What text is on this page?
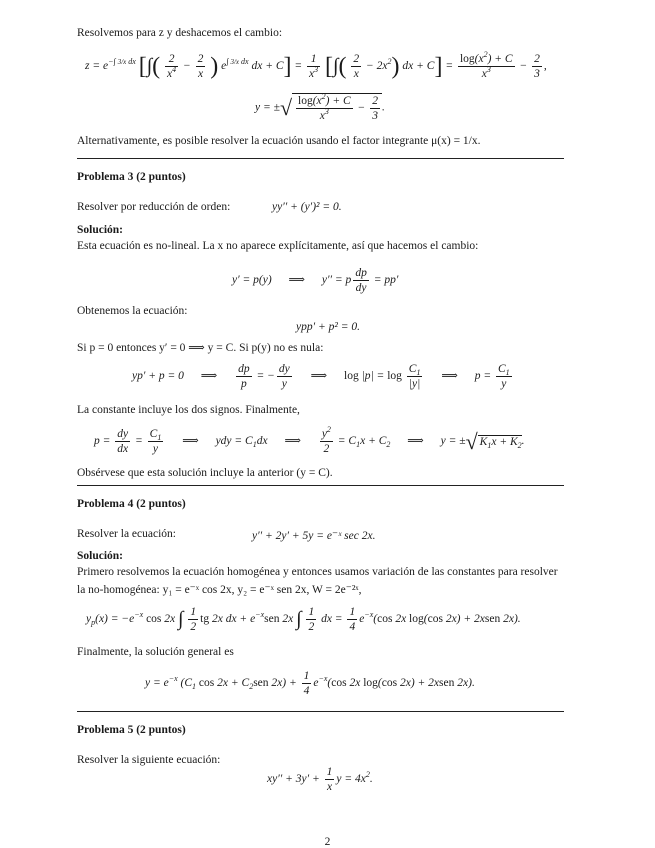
Resolvemos para z y deshacemos el cambio:
$z = e^{-\int 3/x dx}$ [∫( $\frac{2}{x^4} - \frac{2}{x}$ ) $e^{\int 3/x dx}$ dx + $C] = \frac{1}{x^3}$ [∫( $\frac{2}{x} - 2x^2$) dx + $C] = \frac{\log(x^2) + C}{x^3} - \frac{2}{3}$ ,
y = ±√ $\frac{\log(x^2) + C}{x^3} - \frac{2}{3}$ .
Alternativamente, es posible resolver la ecuación usando el factor integrante μ(x) = 1/x.
Problema 3 (2 puntos)
Resolver por reducción de orden:	yy′′ + (y′)² = 0.
Solución:
Esta ecuación es no-lineal. La x no aparece explícitamente, así que hacemos el cambio:
y′ = p(y) ⟹ y′′ = p $\frac{dp}{dy} = pp'$
Obtenemos la ecuación:
ypp′ + p² = 0.
Si p = 0 entonces y′ = 0 ⟹ y = C. Si p(y) no es nula:
yp′ + p = 0 ⟹ $\frac{dp}{p}$ = − $\frac{dy}{y}$ ⟹ $\log |p| = \log \frac{C_1}{|y|}$ ⟹ $p = \frac{C_1}{y}$
La constante incluye los dos signos. Finalmente,
$p = \frac{dy}{dx} = \frac{C_1}{y}$ ⟹ ydy = $C_1dx$ ⟹ $\frac{y^2}{2} = C_1x + C_2$ ⟹ y = ±√ $K_1x + K_2$.
Obsérvese que esta solución incluye la anterior (y = C).
Problema 4 (2 puntos)
Resolver la ecuación:	y′′ + 2y′ + 5y = e⁻ˣ sec 2x.
Solución:
Primero resolvemos la ecuación homogénea y entonces usamos variación de las constantes para resolver
la no-homogénea: y₁ = e⁻ˣ cos 2x, y₂ = e⁻ˣ sen 2x, W = 2e⁻²ˣ,
$y_p(x) = -e^{-x}$ cos 2x ∫ $\frac{1}{2}$ tg 2x dx + $e^{-x}sen$ 2x ∫ $\frac{1}{2}$ dx = $\frac{1}{4} e^{-x}(\cos$ 2x log(cos 2x) + 2xsen 2x).
Finalmente, la solución general es
$y = e^{-x}$ ($C_1$ $\cos 2x + C_2sen$ $2x) + \frac{1}{4} e^{-x}(\cos$ 2x log(cos 2x) + 2xsen 2x).
Problema 5 (2 puntos)
Resolver la siguiente ecuación:
$xy'' + 3y' + \frac{1}{x}$ $y = 4x^2$.
2
